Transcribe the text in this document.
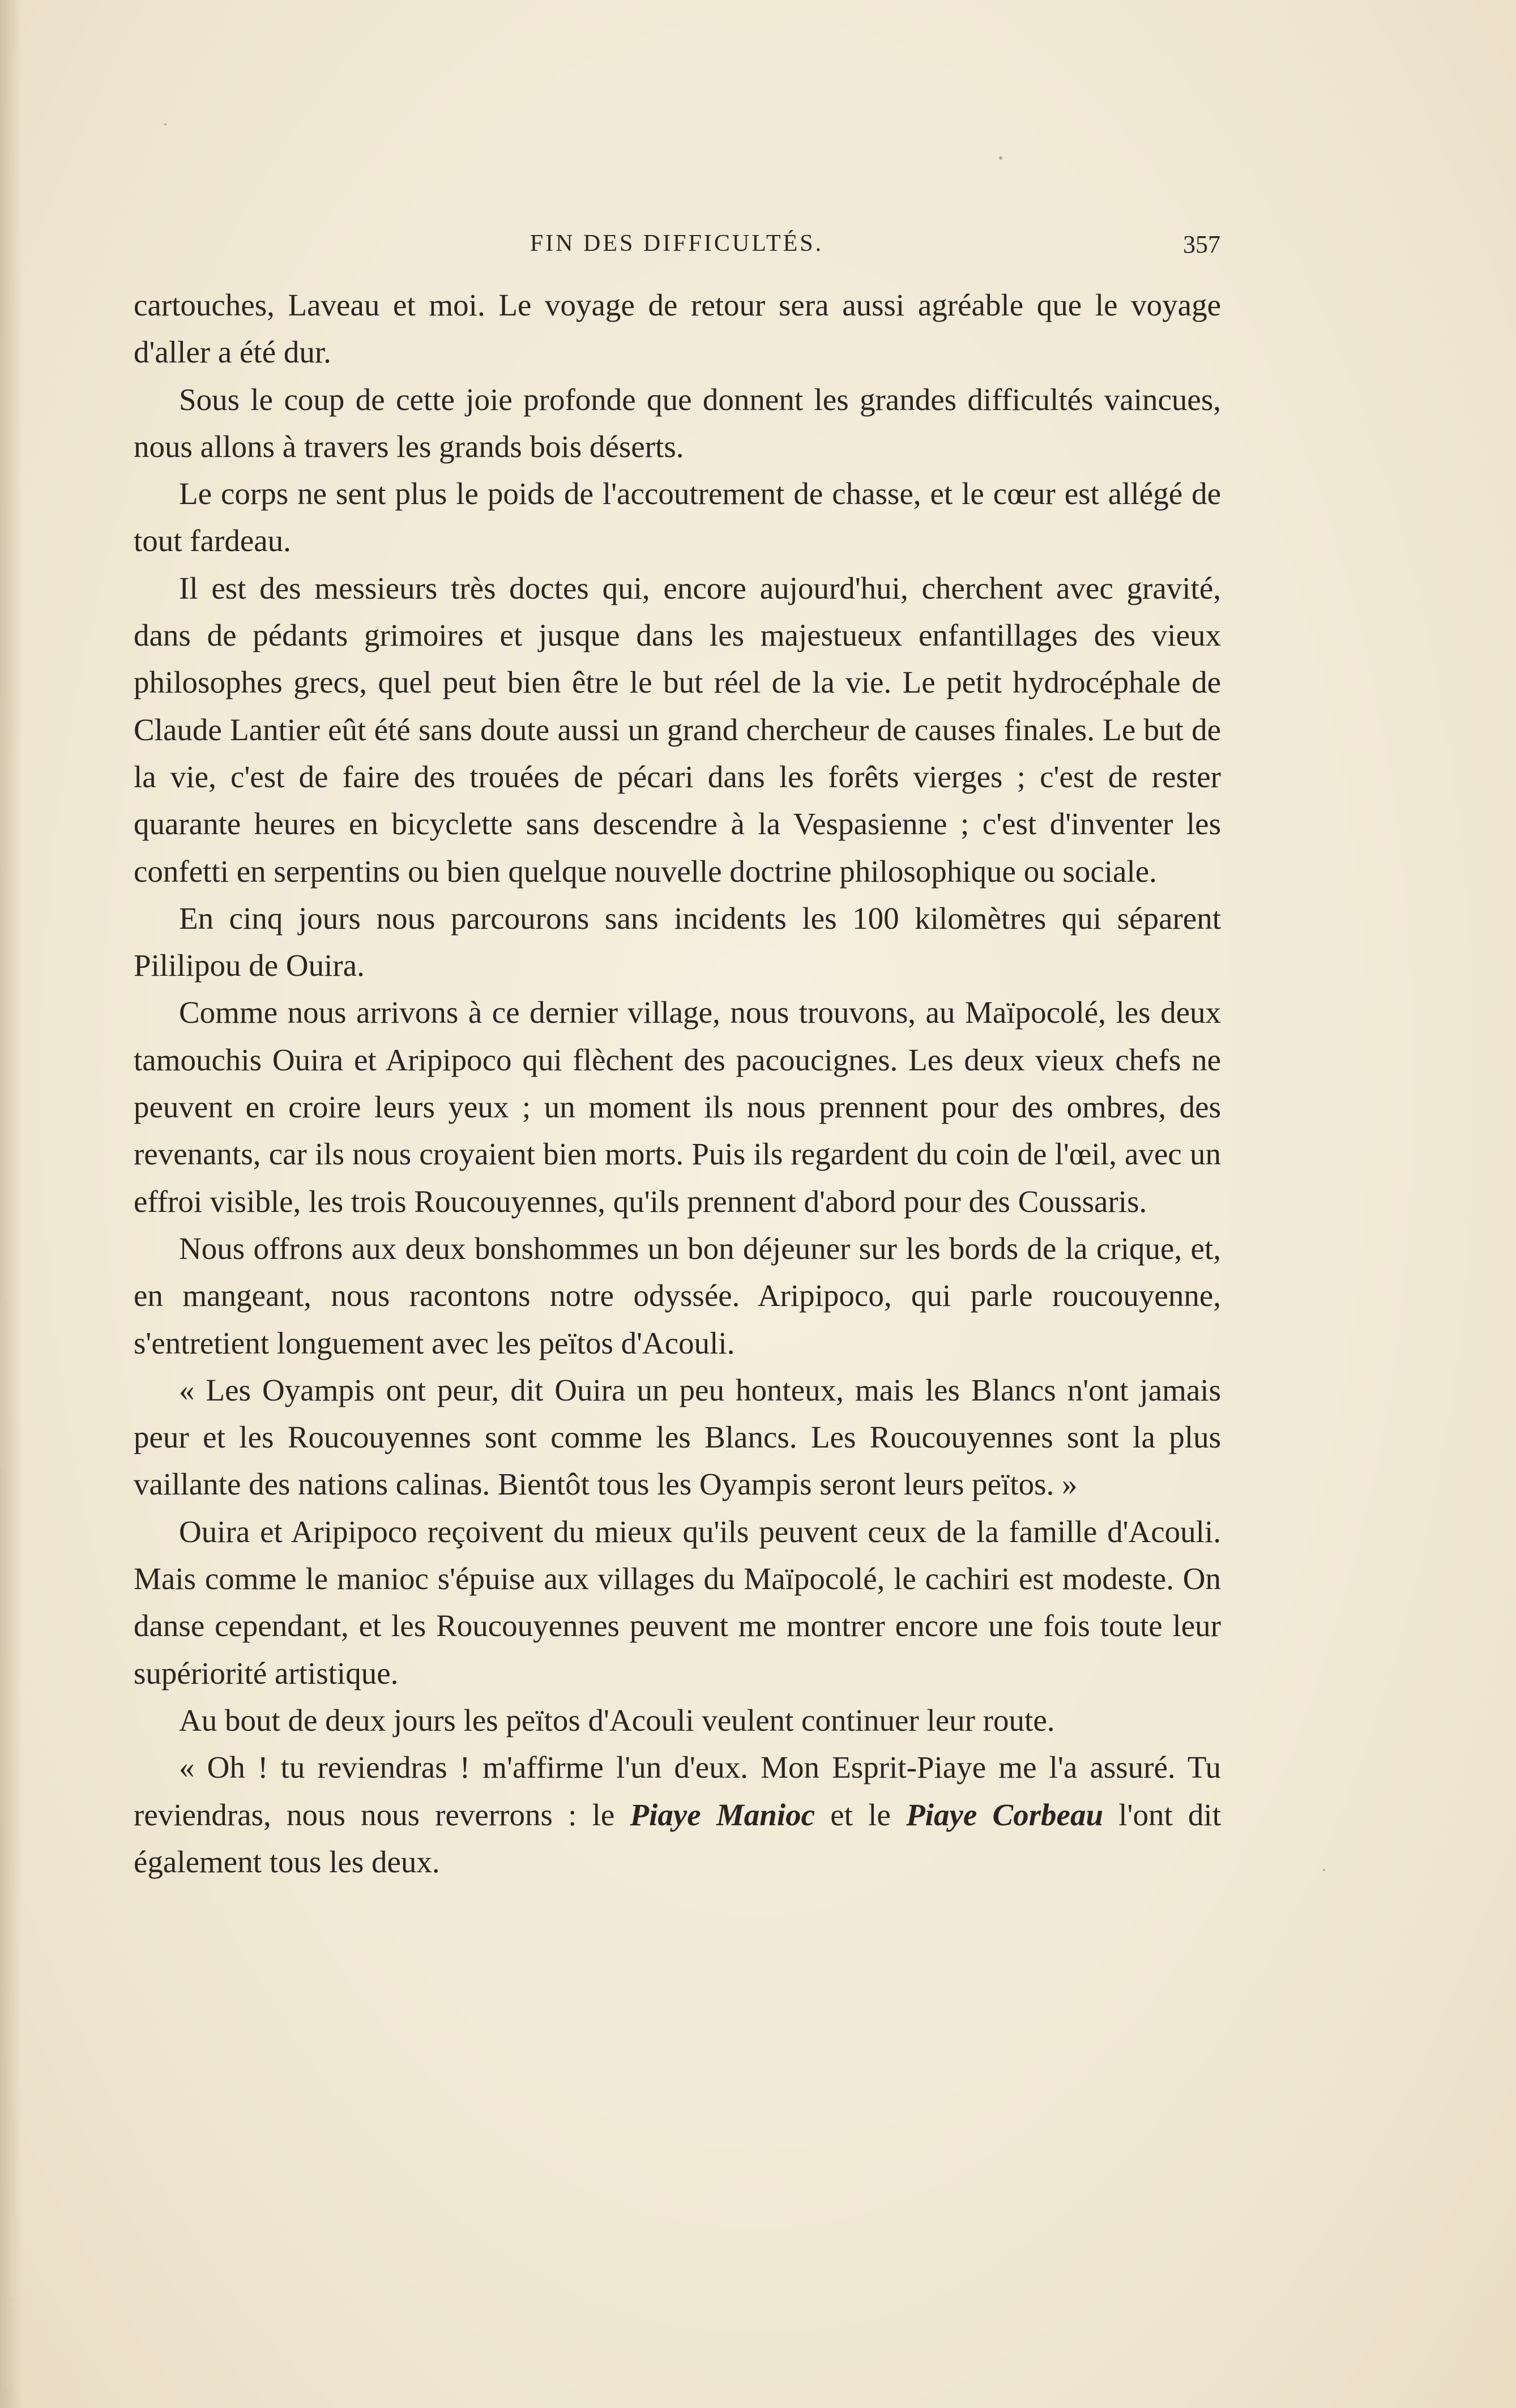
FIN DES DIFFICULTÉS.	357

cartouches, Laveau et moi. Le voyage de retour sera aussi agréable que le voyage d'aller a été dur.

Sous le coup de cette joie profonde que donnent les grandes difficultés vaincues, nous allons à travers les grands bois déserts.

Le corps ne sent plus le poids de l'accoutrement de chasse, et le cœur est allégé de tout fardeau.

Il est des messieurs très doctes qui, encore aujourd'hui, cherchent avec gravité, dans de pédants grimoires et jusque dans les majestueux enfantillages des vieux philosophes grecs, quel peut bien être le but réel de la vie. Le petit hydrocéphale de Claude Lantier eût été sans doute aussi un grand chercheur de causes finales. Le but de la vie, c'est de faire des trouées de pécari dans les forêts vierges ; c'est de rester quarante heures en bicyclette sans descendre à la Vespasienne ; c'est d'inventer les confetti en serpentins ou bien quelque nouvelle doctrine philosophique ou sociale.

En cinq jours nous parcourons sans incidents les 100 kilomètres qui séparent Pililipou de Ouira.

Comme nous arrivons à ce dernier village, nous trouvons, au Maïpocolé, les deux tamouchis Ouira et Aripipoco qui flèchent des pacoucignes. Les deux vieux chefs ne peuvent en croire leurs yeux ; un moment ils nous prennent pour des ombres, des revenants, car ils nous croyaient bien morts. Puis ils regardent du coin de l'œil, avec un effroi visible, les trois Roucouyennes, qu'ils prennent d'abord pour des Coussaris.

Nous offrons aux deux bonshommes un bon déjeuner sur les bords de la crique, et, en mangeant, nous racontons notre odyssée. Aripipoco, qui parle roucouyenne, s'entretient longuement avec les peïtos d'Acouli.

« Les Oyampis ont peur, dit Ouira un peu honteux, mais les Blancs n'ont jamais peur et les Roucouyennes sont comme les Blancs. Les Roucouyennes sont la plus vaillante des nations calinas. Bientôt tous les Oyampis seront leurs peïtos. »

Ouira et Aripipoco reçoivent du mieux qu'ils peuvent ceux de la famille d'Acouli. Mais comme le manioc s'épuise aux villages du Maïpocolé, le cachiri est modeste. On danse cependant, et les Roucouyennes peuvent me montrer encore une fois toute leur supériorité artistique.

Au bout de deux jours les peïtos d'Acouli veulent continuer leur route.

« Oh ! tu reviendras ! m'affirme l'un d'eux. Mon Esprit-Piaye me l'a assuré. Tu reviendras, nous nous reverrons : le Piaye Manioc et le Piaye Corbeau l'ont dit également tous les deux.
